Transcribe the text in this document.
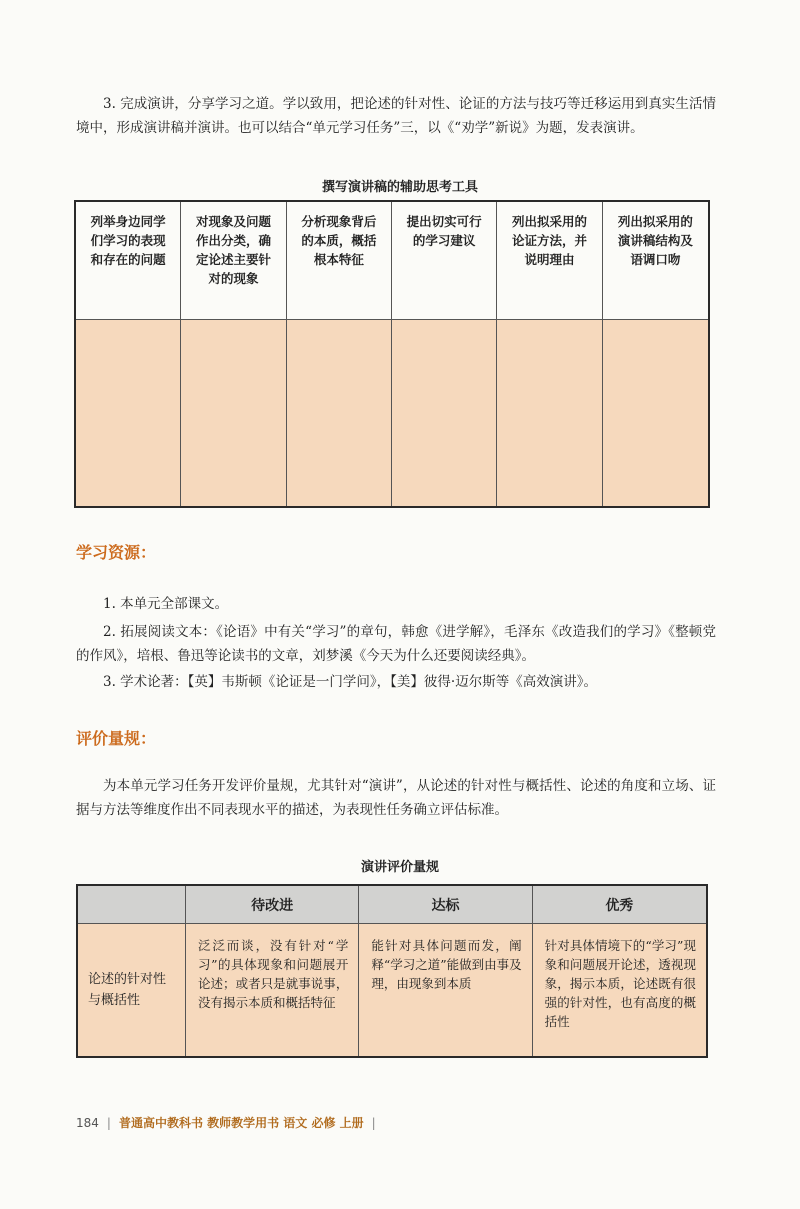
3. 完成演讲，分享学习之道。学以致用，把论述的针对性、论证的方法与技巧等迁移运用到真实生活情境中，形成演讲稿并演讲。也可以结合“单元学习任务”三，以《“劝学”新说》为题，发表演讲。

撰写演讲稿的辅助思考工具
列举身边同学们学习的表现和存在的问题
对现象及问题作出分类，确定论述主要针对的现象
分析现象背后的本质，概括根本特征
提出切实可行的学习建议
列出拟采用的论证方法，并说明理由
列出拟采用的演讲稿结构及语调口吻
学习资源：

1. 本单元全部课文。

2. 拓展阅读文本：《论语》中有关“学习”的章句，韩愈《进学解》，毛泽东《改造我们的学习》《整顿党的作风》，培根、鲁迅等论读书的文章，刘梦溪《今天为什么还要阅读经典》。

3. 学术论著：【英】韦斯顿《论证是一门学问》，【美】彼得·迈尔斯等《高效演讲》。

评价量规：

为本单元学习任务开发评价量规，尤其针对“演讲”，从论述的针对性与概括性、论述的角度和立场、证据与方法等维度作出不同表现水平的描述，为表现性任务确立评估标准。

演讲评价量规
待改进	达标	优秀
论述的针对性与概括性
泛泛而谈，没有针对“学习”的具体现象和问题展开论述；或者只是就事说事，没有揭示本质和概括特征
能针对具体问题而发，阐释“学习之道”能做到由事及理，由现象到本质
针对具体情境下的“学习”现象和问题展开论述，透视现象，揭示本质，论述既有很强的针对性，也有高度的概括性
184 | 普通高中教科书 教师教学用书 语文 必修 上册 |
